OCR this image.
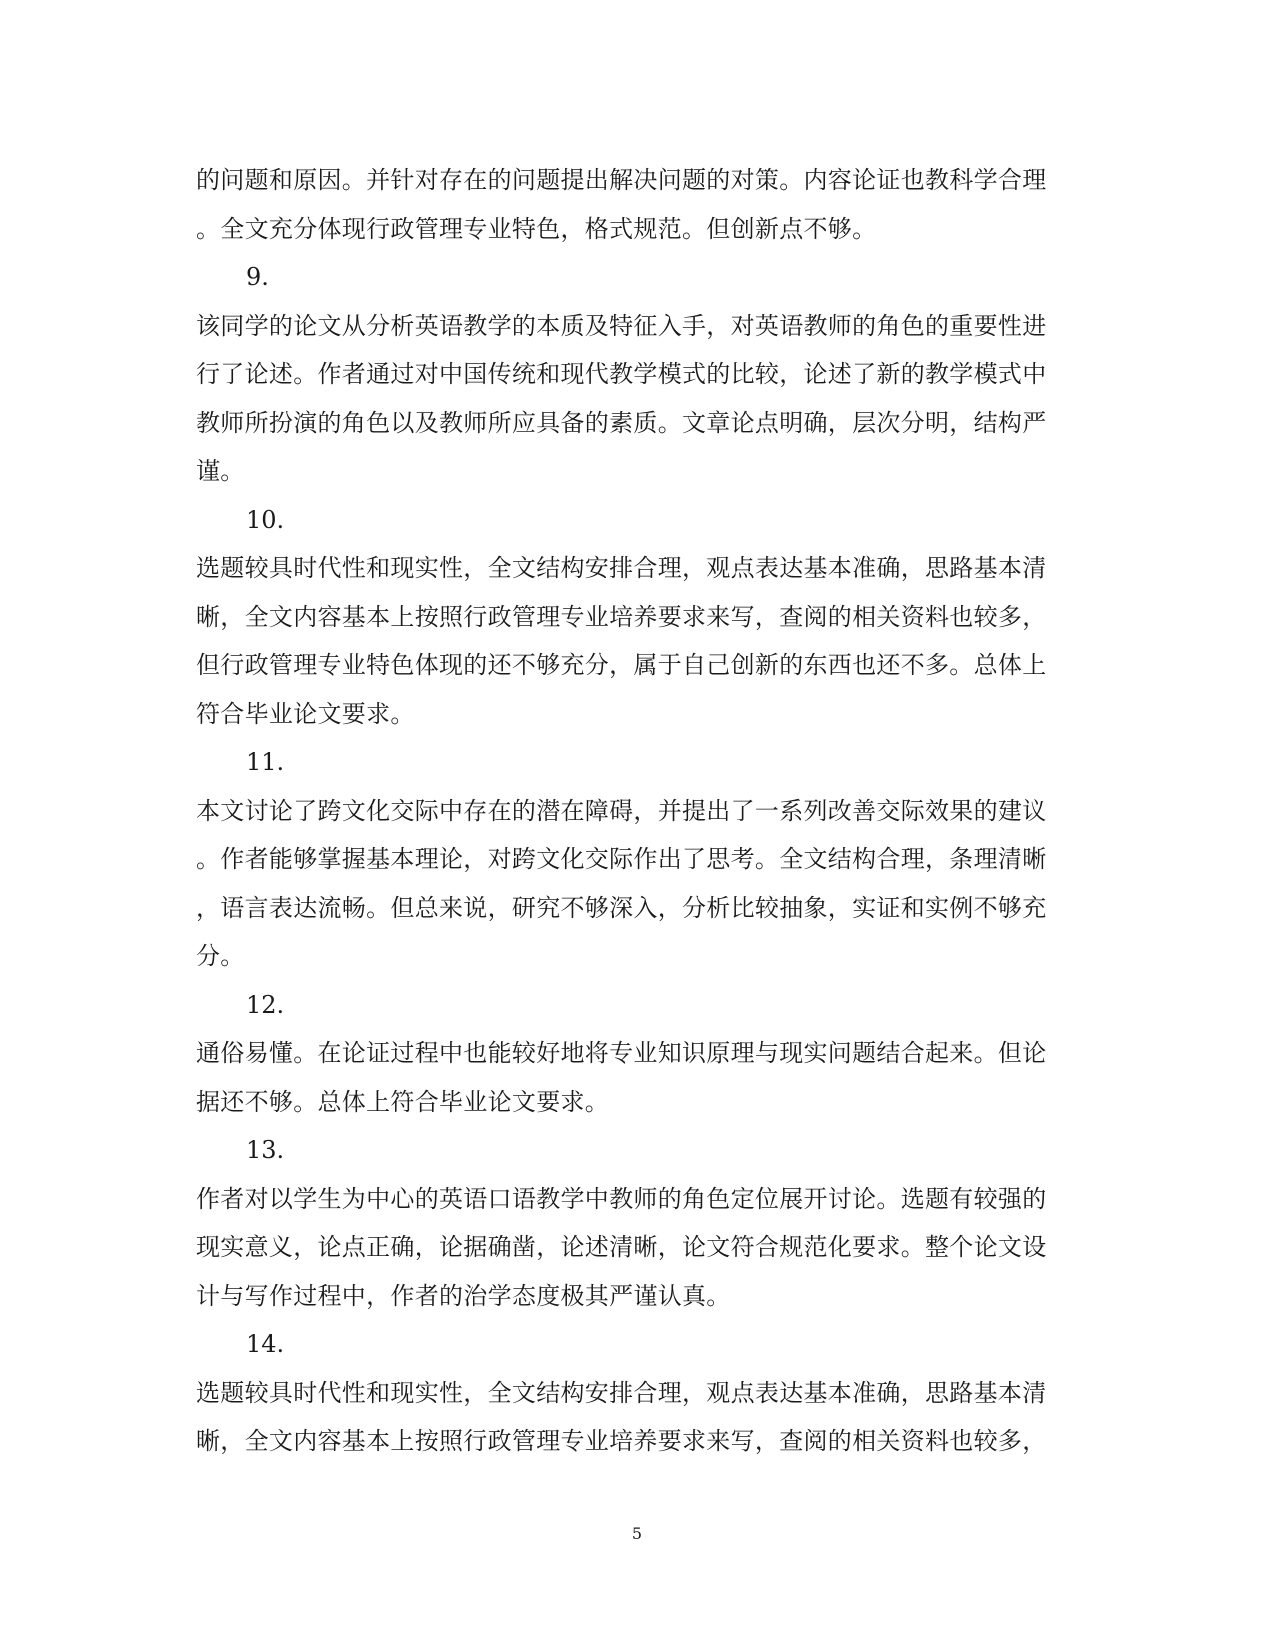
的问题和原因。并针对存在的问题提出解决问题的对策。内容论证也教科学合理
。全文充分体现行政管理专业特色，格式规范。但创新点不够。
9.
该同学的论文从分析英语教学的本质及特征入手，对英语教师的角色的重要性进
行了论述。作者通过对中国传统和现代教学模式的比较，论述了新的教学模式中
教师所扮演的角色以及教师所应具备的素质。文章论点明确，层次分明，结构严
谨。
10.
选题较具时代性和现实性，全文结构安排合理，观点表达基本准确，思路基本清
晰，全文内容基本上按照行政管理专业培养要求来写，查阅的相关资料也较多，
但行政管理专业特色体现的还不够充分，属于自己创新的东西也还不多。总体上
符合毕业论文要求。
11.
本文讨论了跨文化交际中存在的潜在障碍，并提出了一系列改善交际效果的建议
。作者能够掌握基本理论，对跨文化交际作出了思考。全文结构合理，条理清晰
，语言表达流畅。但总来说，研究不够深入，分析比较抽象，实证和实例不够充
分。
12.
通俗易懂。在论证过程中也能较好地将专业知识原理与现实问题结合起来。但论
据还不够。总体上符合毕业论文要求。
13.
作者对以学生为中心的英语口语教学中教师的角色定位展开讨论。选题有较强的
现实意义，论点正确，论据确凿，论述清晰，论文符合规范化要求。整个论文设
计与写作过程中，作者的治学态度极其严谨认真。
14.
选题较具时代性和现实性，全文结构安排合理，观点表达基本准确，思路基本清
晰，全文内容基本上按照行政管理专业培养要求来写，查阅的相关资料也较多，
5
